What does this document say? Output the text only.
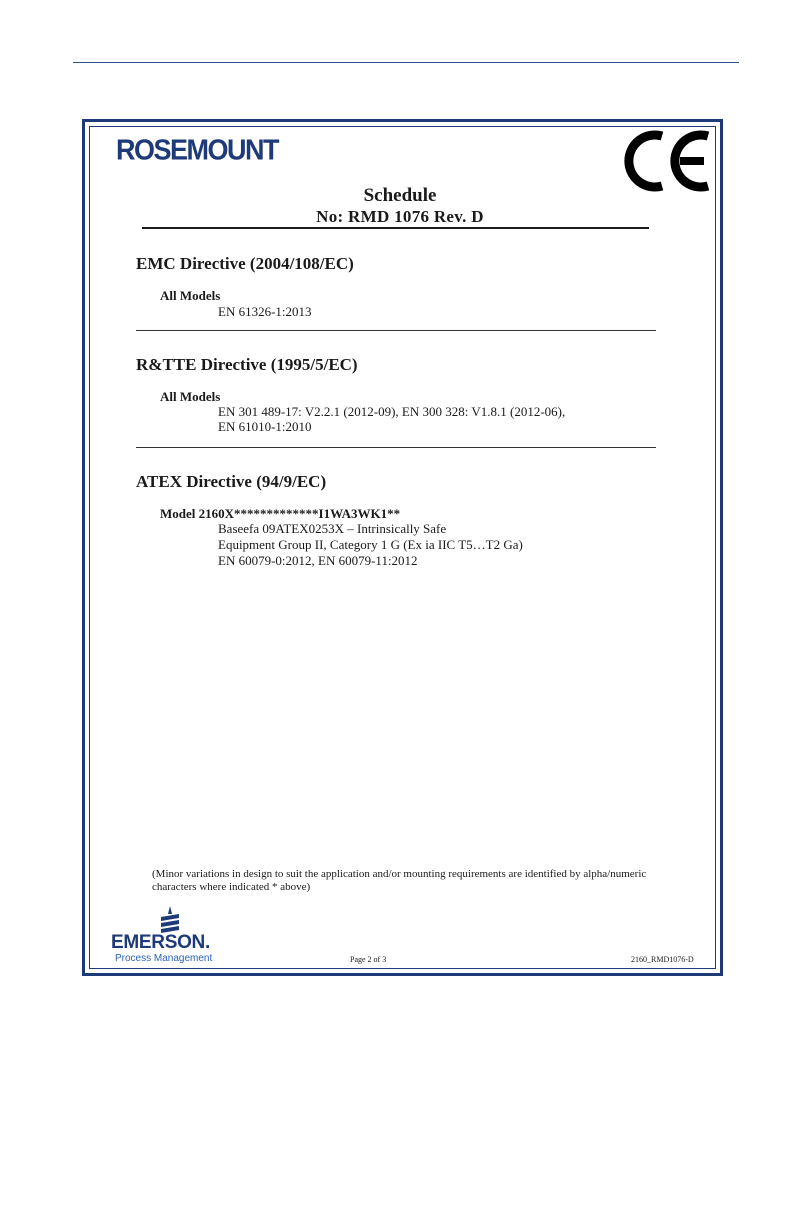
ROSEMOUNT
Schedule
No: RMD 1076 Rev. D
EMC Directive (2004/108/EC)
All Models
EN 61326-1:2013
R&TTE Directive (1995/5/EC)
All Models
EN 301 489-17: V2.2.1 (2012-09), EN 300 328: V1.8.1 (2012-06),
EN 61010-1:2010
ATEX Directive (94/9/EC)
Model 2160X*************I1WA3WK1**
Baseefa 09ATEX0253X – Intrinsically Safe
Equipment Group II, Category 1 G (Ex ia IIC T5…T2 Ga)
EN 60079-0:2012, EN 60079-11:2012
(Minor variations in design to suit the application and/or mounting requirements are identified by alpha/numeric characters where indicated * above)
EMERSON.
Process Management	Page 2 of 3	2160_RMD1076-D
